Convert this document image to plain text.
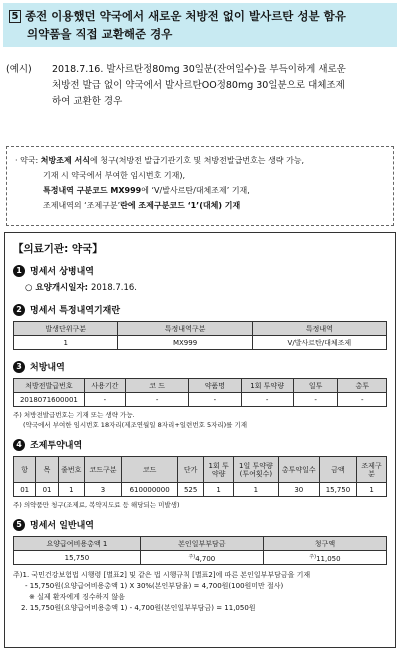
5 종전 이용했던 약국에서 새로운 처방전 없이 발사르탄 성분 함유
의약품을 직접 교환해준 경우
(예시)	2018.7.16. 발사르탄정80mg 30일분(잔여일수)을 부득이하게 새로운
처방전 발급 없이 약국에서 발사르탄OO정80mg 30일분으로 대체조제
하여 교환한 경우
· 약국: 처방조제 서식에 청구(처방전 발급기관기호 및 처방전발급번호는 생략 가능,
기재 시 약국에서 부여한 임시번호 기재),
특정내역 구분코드 MX999에 ‘V/발사르탄/대체조제’ 기재,
조제내역의 ‘조제구분’란에 조제구분코드 ‘1’(대체) 기재
【의료기관: 약국】
1 명세서 상병내역
○ 요양개시일자: 2018.7.16.
2 명세서 특정내역기재란
발생단위구분	특정내역구분	특정내역
1	MX999	V/발사르탄/대체조제
3 처방내역
처방전발급번호	사용기간	코 드	약품명	1회 투약량	일투	총투
2018071600001	-	-	-	-	-	-
주) 처방전발급번호는 기재 또는 생략 가능.
(약국에서 부여한 임시번호 18자리(제조연월일 8자리+일련번호 5자리)를 기재
4 조제투약내역
항	목	줄번호	코드구분	코드	단가	1회 투약량	1일 투약량(투여횟수)	총투약일수	금액	조제구분
01	01	1	3	610000000	525	1	1	30	15,750	1
주) 의약품만 청구(조제료, 복약지도료 등 해당되는 미발생)
5 명세서 일반내역
요양급여비용총액 1	본인일부부담금	청구액
15,750	$^{주)}$4,700	$^{주)}$11,050
주)1. 국민건강보험법 시행령 [별표2] 및 같은 법 시행규칙 [별표2]에 따른 본인일부부담금을 기재
- 15,750원(요양급여비용총액 1) X 30%(본인부담율) = 4,700원(100원미만 절사)
※ 실제 환자에게 징수하지 않음
2. 15,750원(요양급여비용총액 1) - 4,700원(본인일부부담금) = 11,050원
